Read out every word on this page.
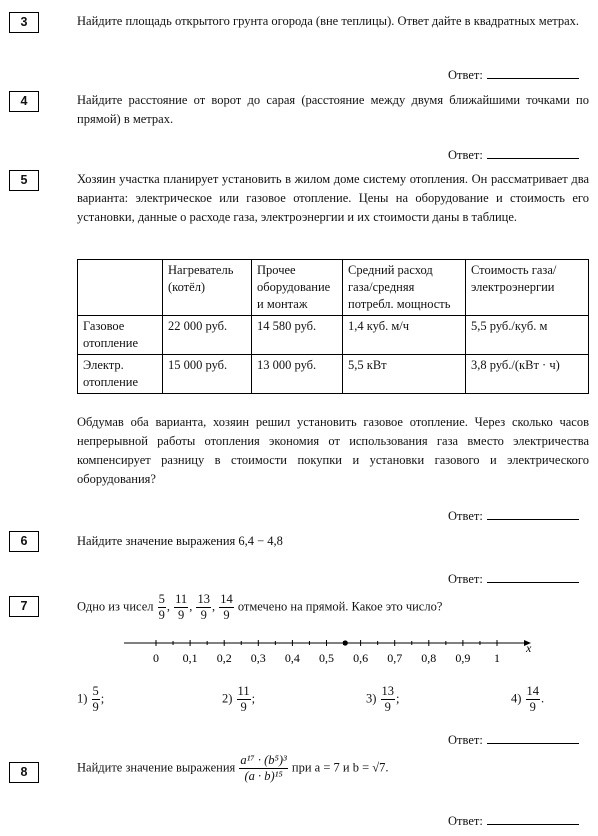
3	Найдите площадь открытого грунта огорода (вне теплицы). Ответ дайте в квадратных метрах.
Ответ:
4	Найдите расстояние от ворот до сарая (расстояние между двумя ближайшими точками по прямой) в метрах.
Ответ:
5	Хозяин участка планирует установить в жилом доме систему отопления. Он рассматривает два варианта: электрическое или газовое отопление. Цены на оборудование и стоимость его установки, данные о расходе газа, электроэнергии и их стоимости даны в таблице.
	Нагреватель (котёл)	Прочее оборудование и монтаж	Средний расход газа/средняя потребл. мощность	Стоимость газа/ электроэнергии
Газовое отопление	22 000 руб.	14 580 руб.	1,4 куб. м/ч	5,5 руб./куб. м
Электр. отопление	15 000 руб.	13 000 руб.	5,5 кВт	3,8 руб./(кВт · ч)
Обдумав оба варианта, хозяин решил установить газовое отопление. Через сколько часов непрерывной работы отопления экономия от использования газа вместо электричества компенсирует разницу в стоимости покупки и установки газового и электрического оборудования?
Ответ:
6	Найдите значение выражения 6,4 − 4,8
Ответ:
7	Одно из чисел $\frac{5}{9}$ , $\frac{11}{9}$ , $\frac{13}{9}$ , $\frac{14}{9}$ отмечено на прямой. Какое это число?
0 0,1 0,2 0,3 0,4 0,5 0,6 0,7 0,8 0,9 1
x
$1) \frac{5}{9}$ ;	$2) \frac{11}{9}$ ;	$3) \frac{13}{9}$ ;	$4) \frac{14}{9}$ .
Ответ:
8	Найдите значение выражения $\frac{\text{a¹⁷ · (b⁵)³}}{\text{(a · b)¹⁵}}$ при a = 7 и b = √7.
Ответ:
